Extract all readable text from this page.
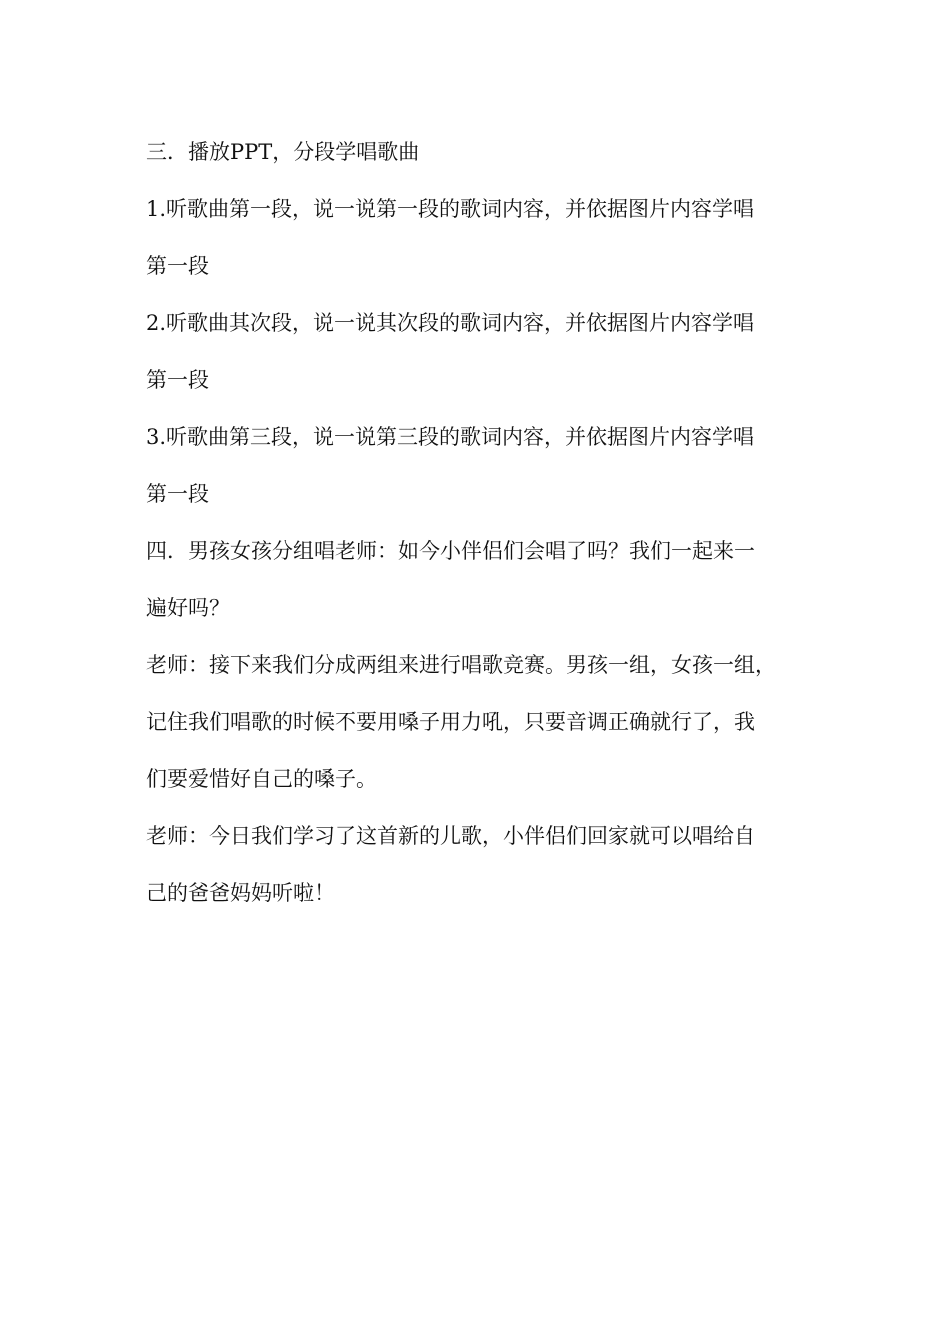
三．播放PPT，分段学唱歌曲
1.听歌曲第一段，说一说第一段的歌词内容，并依据图片内容学唱
第一段
2.听歌曲其次段，说一说其次段的歌词内容，并依据图片内容学唱
第一段
3.听歌曲第三段，说一说第三段的歌词内容，并依据图片内容学唱
第一段
四．男孩女孩分组唱老师：如今小伴侣们会唱了吗？我们一起来一
遍好吗？
老师：接下来我们分成两组来进行唱歌竞赛。男孩一组，女孩一组，
记住我们唱歌的时候不要用嗓子用力吼，只要音调正确就行了，我
们要爱惜好自己的嗓子。
老师：今日我们学习了这首新的儿歌，小伴侣们回家就可以唱给自
己的爸爸妈妈听啦！
